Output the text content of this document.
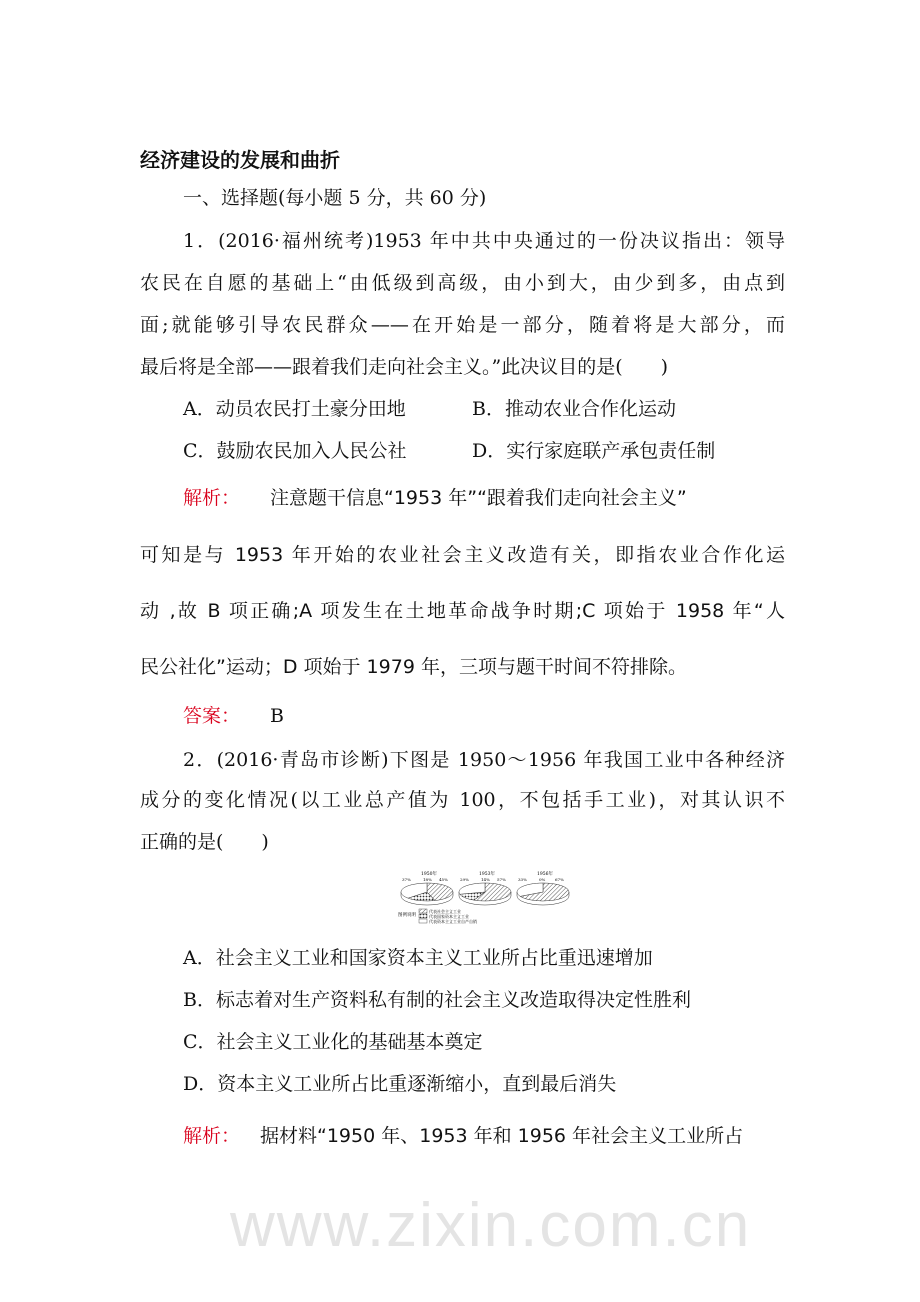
www.zixin.com.cn
经济建设的发展和曲折
一、选择题(每小题 5 分，共 60 分)
1．(2016·福州统考)1953 年中共中央通过的一份决议指出：领导
农民在自愿的基础上“由低级到高级，由小到大，由少到多，由点到
面;就能够引导农民群众——在开始是一部分，随着将是大部分，而
最后将是全部——跟着我们走向社会主义。”此决议目的是(　　)
A．动员农民打土豪分田地	B．推动农业合作化运动
C．鼓励农民加入人民公社	D．实行家庭联产承包责任制
解析：	注意题干信息“1953 年”“跟着我们走向社会主义”
可知是与 1953 年开始的农业社会主义改造有关，即指农业合作化运
动 ,故 B 项正确;A 项发生在土地革命战争时期;C 项始于 1958 年“人
民公社化”运动；D 项始于 1979 年，三项与题干时间不符排除。
答案：	B
2．(2016·青岛市诊断)下图是 1950～1956 年我国工业中各种经济
成分的变化情况(以工业总产值为 100，不包括手工业)，对其认识不
正确的是(　　)
1950年
45%
18%
37%
1953年
57%
14%
29%
1956年
67%
0%
33%
图例说明
代表社会主义工业
代表国家资本主义工业
代表资本主义工业自产自销
A．社会主义工业和国家资本主义工业所占比重迅速增加
B．标志着对生产资料私有制的社会主义改造取得决定性胜利
C．社会主义工业化的基础基本奠定
D．资本主义工业所占比重逐渐缩小，直到最后消失
解析：	据材料“1950 年、1953 年和 1956 年社会主义工业所占
